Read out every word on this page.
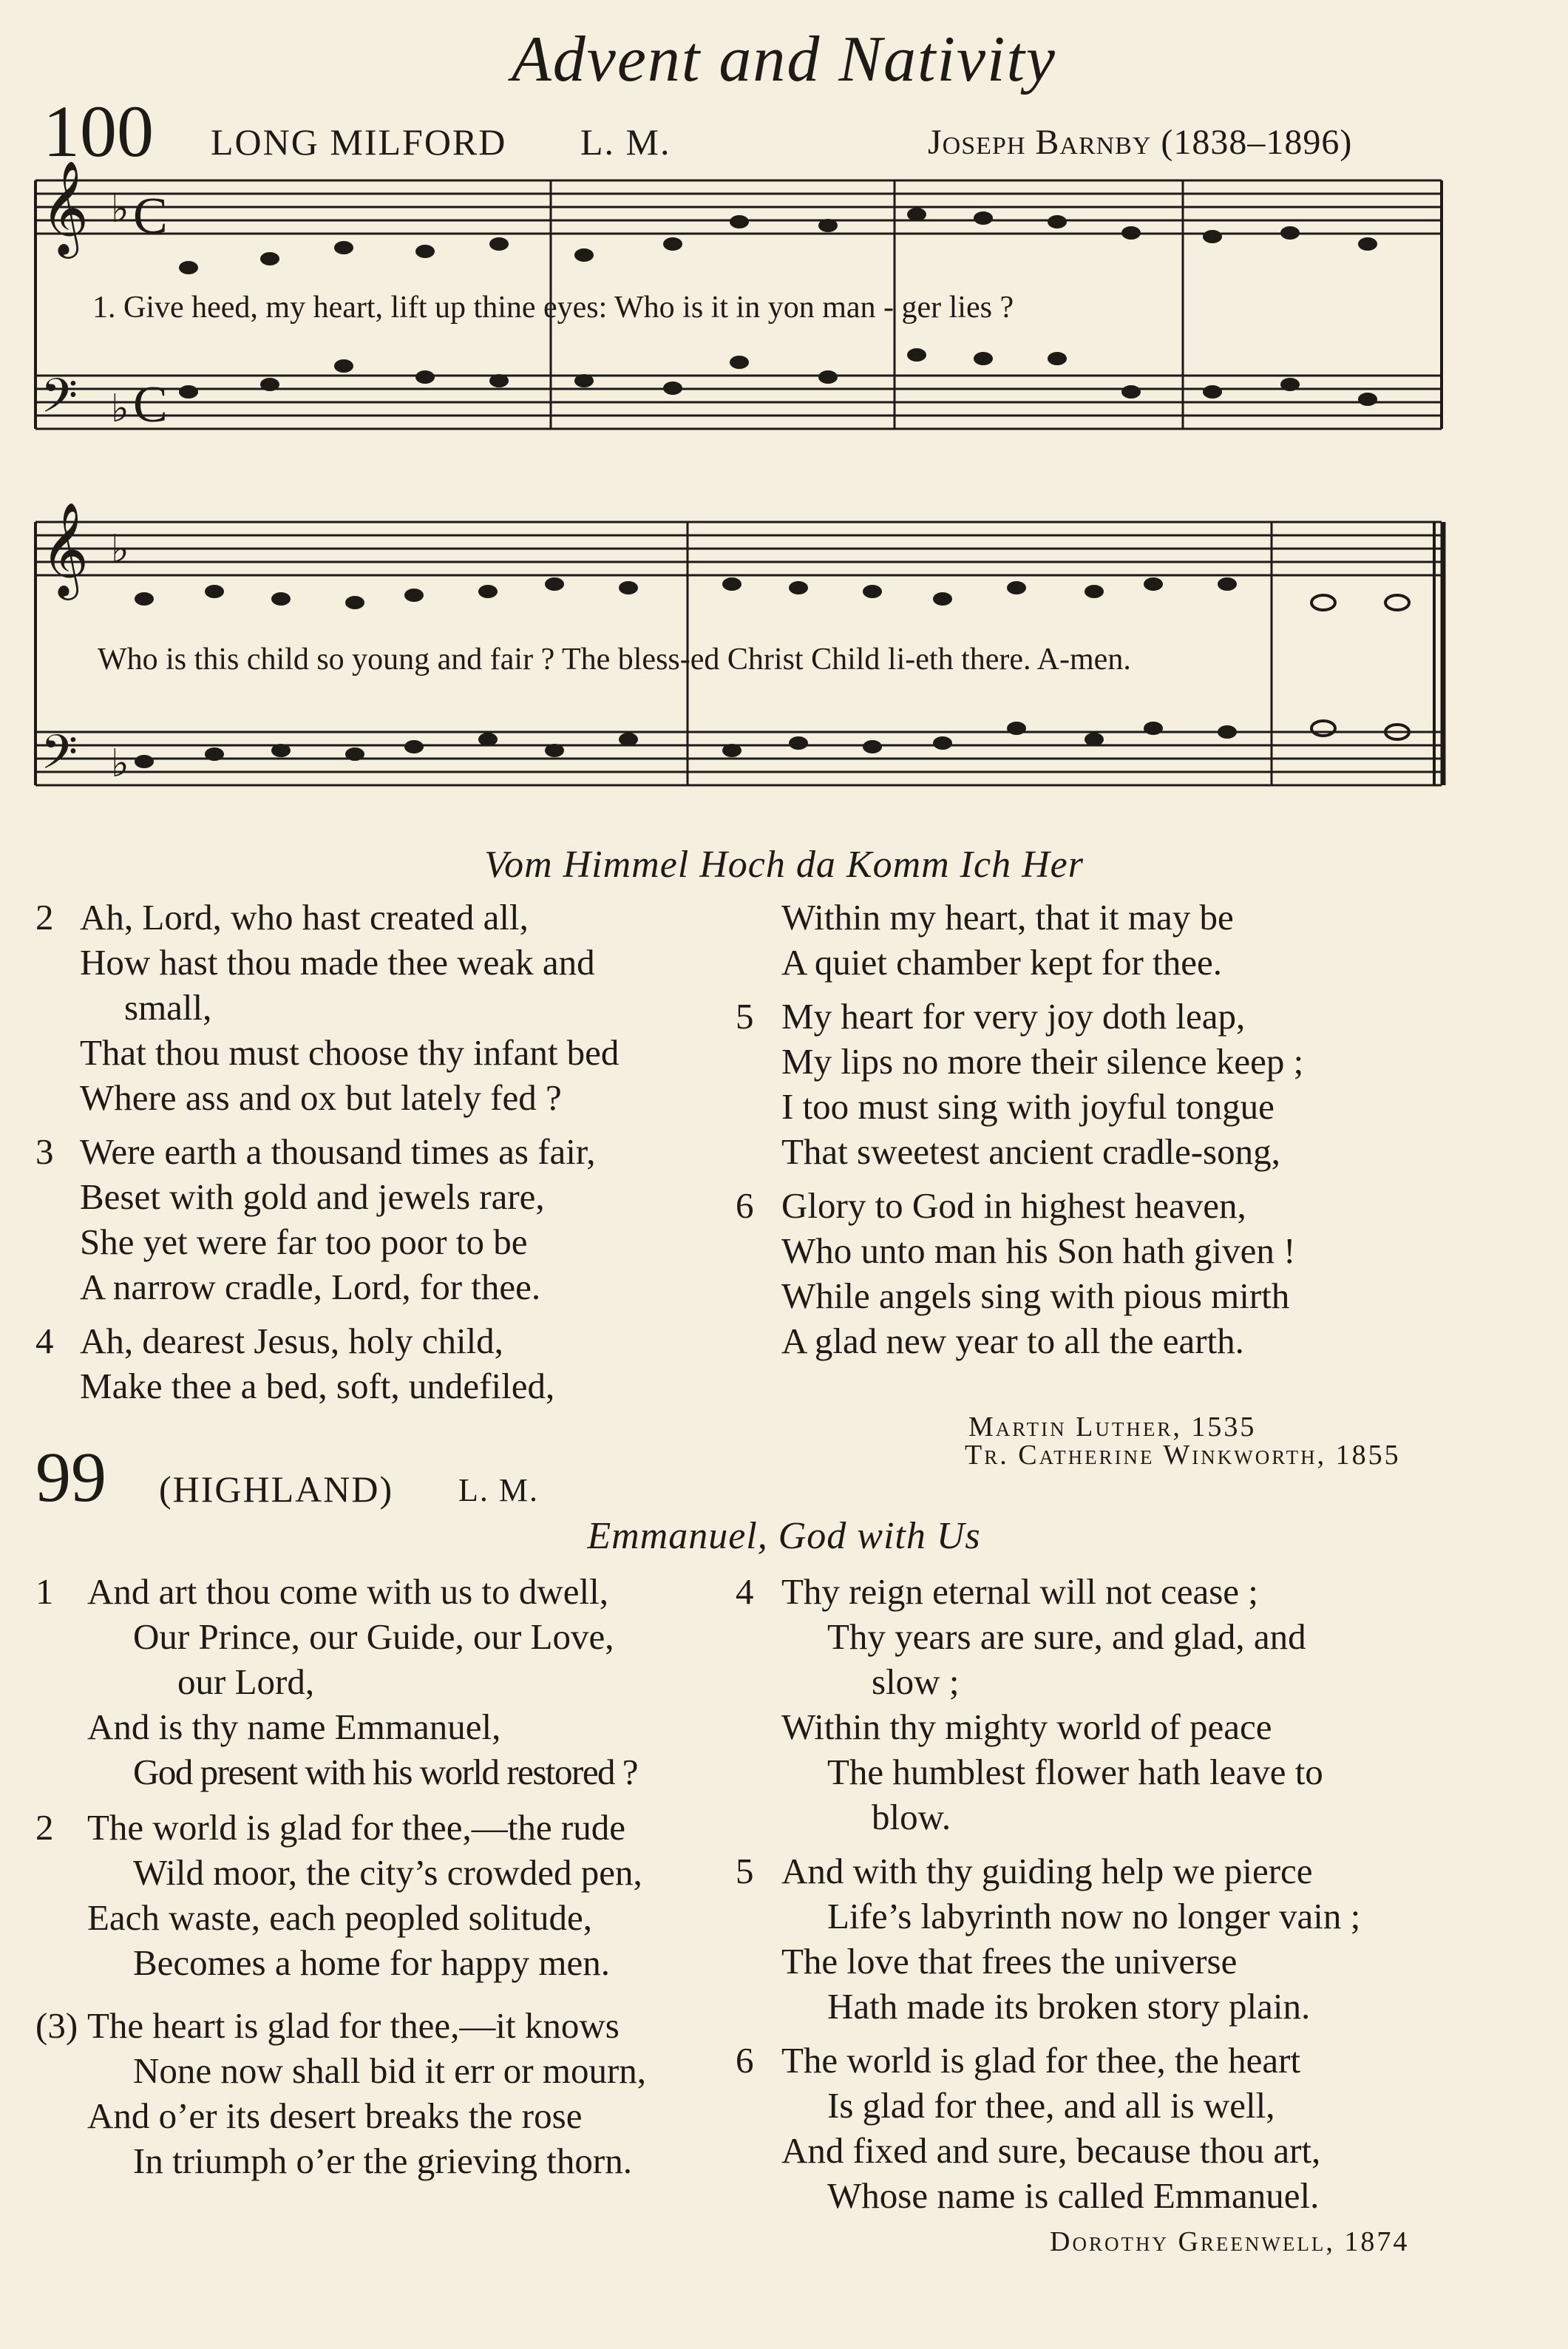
Advent and Nativity
100 LONG MILFORD L. M.	Joseph Barnby (1838–1896)
𝄞
𝄢
𝄞
𝄢
♭ C
♭ C
♭
♭
1. Give heed, my heart, lift up thine eyes: Who is it in yon man - ger lies ?
Who is this child so young and fair ? The bless-ed Christ Child li-eth there. A-men.
Vom Himmel Hoch da Komm Ich Her
2 Ah, Lord, who hast created all,
How hast thou made thee weak and
small,
That thou must choose thy infant bed
Where ass and ox but lately fed ?
3 Were earth a thousand times as fair,
Beset with gold and jewels rare,
She yet were far too poor to be
A narrow cradle, Lord, for thee.
4 Ah, dearest Jesus, holy child,
Make thee a bed, soft, undefiled,
Within my heart, that it may be
A quiet chamber kept for thee.
5 My heart for very joy doth leap,
My lips no more their silence keep ;
I too must sing with joyful tongue
That sweetest ancient cradle-song,
6 Glory to God in highest heaven,
Who unto man his Son hath given !
While angels sing with pious mirth
A glad new year to all the earth.
Martin Luther, 1535
Tr. Catherine Winkworth, 1855
99 (HIGHLAND) L. M.
Emmanuel, God with Us
1 And art thou come with us to dwell,
Our Prince, our Guide, our Love,
our Lord,
And is thy name Emmanuel,
God present with his world restored ?
2 The world is glad for thee,—the rude
Wild moor, the city’s crowded pen,
Each waste, each peopled solitude,
Becomes a home for happy men.
(3) The heart is glad for thee,—it knows
None now shall bid it err or mourn,
And o’er its desert breaks the rose
In triumph o’er the grieving thorn.
4 Thy reign eternal will not cease ;
Thy years are sure, and glad, and
slow ;
Within thy mighty world of peace
The humblest flower hath leave to
blow.
5 And with thy guiding help we pierce
Life’s labyrinth now no longer vain ;
The love that frees the universe
Hath made its broken story plain.
6 The world is glad for thee, the heart
Is glad for thee, and all is well,
And fixed and sure, because thou art,
Whose name is called Emmanuel.
Dorothy Greenwell, 1874
